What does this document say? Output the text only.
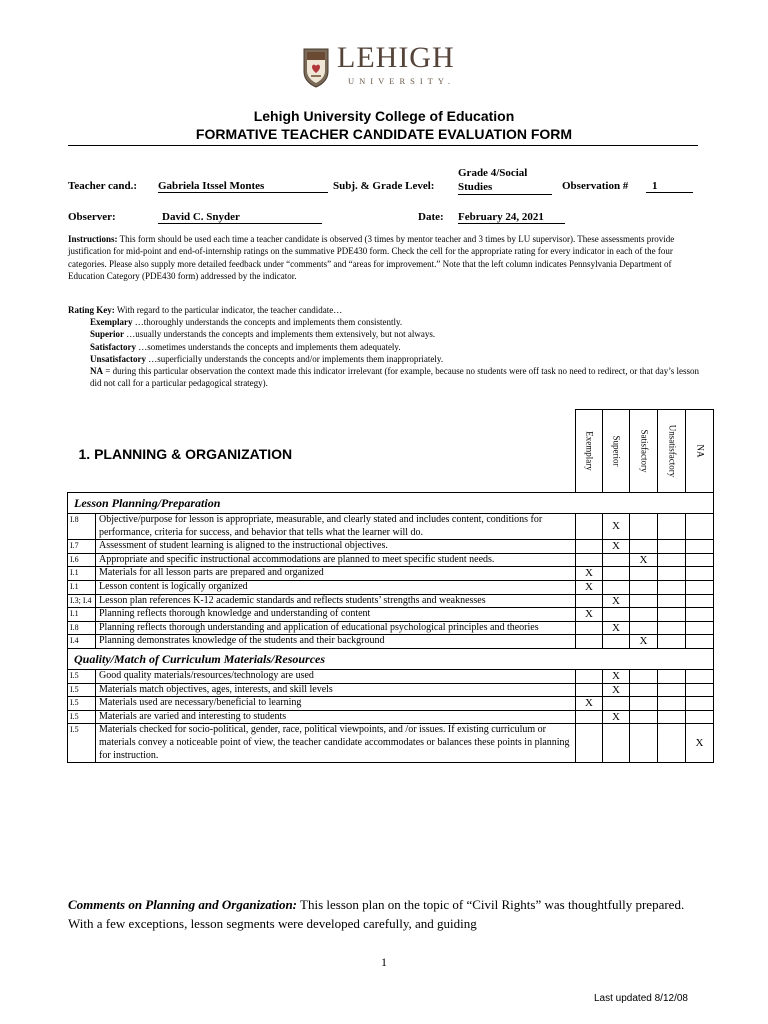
LEHIGH
UNIVERSITY.
Lehigh University College of Education
FORMATIVE TEACHER CANDIDATE EVALUATION FORM
Teacher cand.: Gabriela Itssel Montes	Subj. & Grade Level:
Grade 4/Social Studies	Observation #	1
Observer:	David C. Snyder	Date: February 24, 2021
Instructions: This form should be used each time a teacher candidate is observed (3 times by mentor teacher and 3 times by LU supervisor). These assessments provide justification for mid-point and end-of-internship ratings on the summative PDE430 form. Check the cell for the appropriate rating for every indicator in each of the four categories. Please also supply more detailed feedback under “comments” and “areas for improvement.” Note that the left column indicates Pennsylvania Department of Education Category (PDE430 form) addressed by the indicator.
Rating Key: With regard to the particular indicator, the teacher candidate…
Exemplary …thoroughly understands the concepts and implements them consistently.
Superior …usually understands the concepts and implements them extensively, but not always.
Satisfactory …sometimes understands the concepts and implements them adequately.
Unsatisfactory …superficially understands the concepts and/or implements them inappropriately.
NA = during this particular observation the context made this indicator irrelevant (for example, because no students were off task no need to redirect, or that day’s lesson did not call for a particular pedagogical strategy).
1. PLANNING & ORGANIZATION		Exemplary	Superior	Satisfactory	Unsatisfactory	NA

Lesson Planning/Preparation						
I.8	Objective/purpose for lesson is appropriate, measurable, and clearly stated and includes content, conditions for performance, criteria for success, and behavior that tells what the learner will do.		X			
I.7	Assessment of student learning is aligned to the instructional objectives.		X			
I.6	Appropriate and specific instructional accommodations are planned to meet specific student needs.			X		
I.1	Materials for all lesson parts are prepared and organized	X				
I.1	Lesson content is logically organized	X				
I.3; I.4	Lesson plan references K-12 academic standards and reflects students’ strengths and weaknesses		X			
I.1	Planning reflects thorough knowledge and understanding of content	X				
I.8	Planning reflects thorough understanding and application of educational psychological principles and theories		X			
I.4	Planning demonstrates knowledge of the students and their background			X		
Quality/Match of Curriculum Materials/Resources						
I.5	Good quality materials/resources/technology are used		X			
I.5	Materials match objectives, ages, interests, and skill levels		X			
I.5	Materials used are necessary/beneficial to learning	X				
I.5	Materials are varied and interesting to students		X			
I.5	Materials checked for socio-political, gender, race, political viewpoints, and /or issues. If existing curriculum or materials convey a noticeable point of view, the teacher candidate accommodates or balances these points in planning for instruction.					X
Comments on Planning and Organization: This lesson plan on the topic of “Civil Rights” was thoughtfully prepared. With a few exceptions, lesson segments were developed carefully, and guiding
1
Last updated 8/12/08
